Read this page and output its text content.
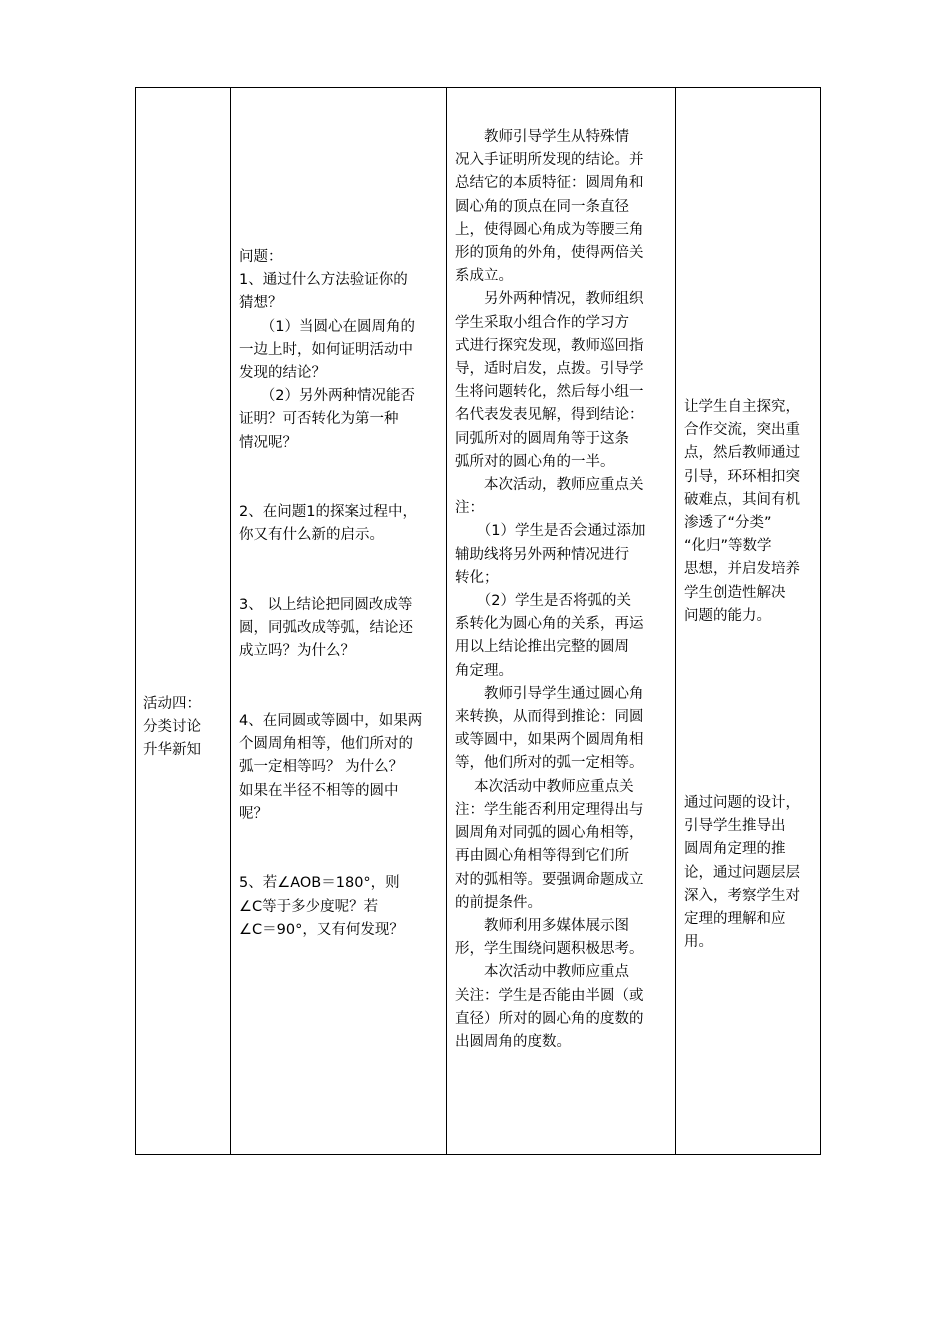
活动四：
分类讨论
升华新知
问题：
1、通过什么方法验证你的
猜想？
　　（1）当圆心在圆周角的
一边上时，如何证明活动中
发现的结论？
　　（2）另外两种情况能否
证明？可否转化为第一种
情况呢？

2、在问题1的探案过程中，
你又有什么新的启示。

3、 以上结论把同圆改成等
圆，同弧改成等弧，结论还
成立吗？为什么？

4、在同圆或等圆中，如果两
个圆周角相等，他们所对的
弧一定相等吗？ 为什么？
如果在半径不相等的圆中
呢？

5、若∠AOB＝180°，则
∠C等于多少度呢？若
∠C＝90°，又有何发现？
　　教师引导学生从特殊情
况入手证明所发现的结论。并
总结它的本质特征：圆周角和
圆心角的顶点在同一条直径
上，使得圆心角成为等腰三角
形的顶角的外角，使得两倍关
系成立。
　　另外两种情况，教师组织
学生采取小组合作的学习方
式进行探究发现，教师巡回指
导，适时启发，点拨。引导学
生将问题转化，然后每小组一
名代表发表见解，得到结论：
同弧所对的圆周角等于这条
弧所对的圆心角的一半。
　　本次活动，教师应重点关
注：
　　（1）学生是否会通过添加
辅助线将另外两种情况进行
转化；
　　（2）学生是否将弧的关
系转化为圆心角的关系，再运
用以上结论推出完整的圆周
角定理。
　　教师引导学生通过圆心角
来转换，从而得到推论：同圆
或等圆中，如果两个圆周角相
等，他们所对的弧一定相等。
　 本次活动中教师应重点关
注：学生能否利用定理得出与
圆周角对同弧的圆心角相等，
再由圆心角相等得到它们所
对的弧相等。要强调命题成立
的前提条件。
　　教师利用多媒体展示图
形，学生围绕问题积极思考。
　　本次活动中教师应重点
关注：学生是否能由半圆（或
直径）所对的圆心角的度数的
出圆周角的度数。
让学生自主探究，
合作交流，突出重
点，然后教师通过
引导，环环相扣突
破难点，其间有机
渗透了“分类”
“化归”等数学
思想，并启发培养
学生创造性解决
问题的能力。
通过问题的设计，
引导学生推导出
圆周角定理的推
论，通过问题层层
深入，考察学生对
定理的理解和应
用。
